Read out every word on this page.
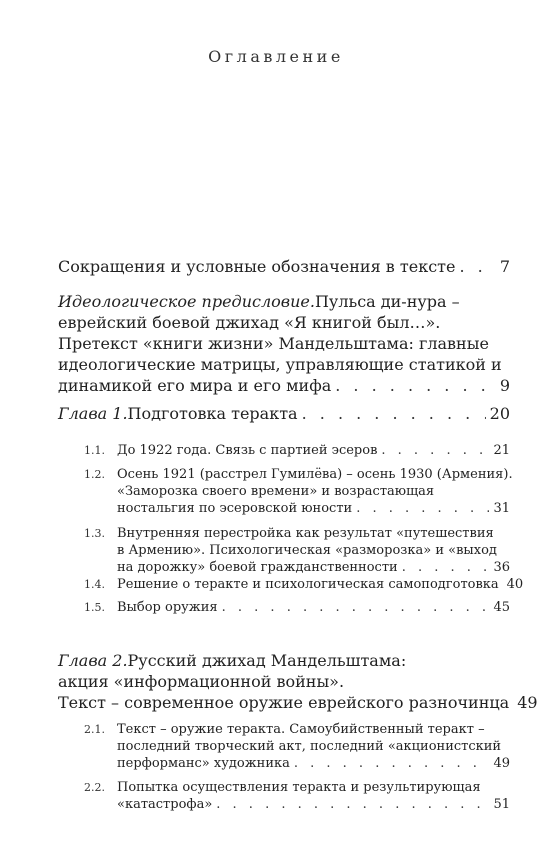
Оглавление
Сокращения и условные обозначения в тексте . . .	7
Идеологическое предисловие. Пульса ди-нура –
еврейский боевой джихад «Я книгой был…».
Претекст «книги жизни» Мандельштама: главные
идеологические матрицы, управляющие статикой и
динамикой его мира и его мифа . . .	9
Глава 1. Подготовка теракта . . .	20
1.1. До 1922 года. Связь с партией эсеров . . .	21
1.2. Осень 1921 (расстрел Гумилёва) – осень 1930 (Армения).
«Заморозка своего времени» и возрастающая
ностальгия по эсеровской юности . . .	31
1.3. Внутренняя перестройка как результат «путешествия
в Армению». Психологическая «разморозка» и «выход
на дорожку» боевой гражданственности . . .	36
1.4. Решение о теракте и психологическая самоподготовка 40
1.5. Выбор оружия . . .	45
Глава 2. Русский джихад Мандельштама:
акция «информационной войны».
Текст – современное оружие еврейского разночинца 49
2.1. Текст – оружие теракта. Самоубийственный теракт –
последний творческий акт, последний «акционистский
перформанс» художника . . .	49
2.2. Попытка осуществления теракта и результирующая
«катастрофа» . . .	51
